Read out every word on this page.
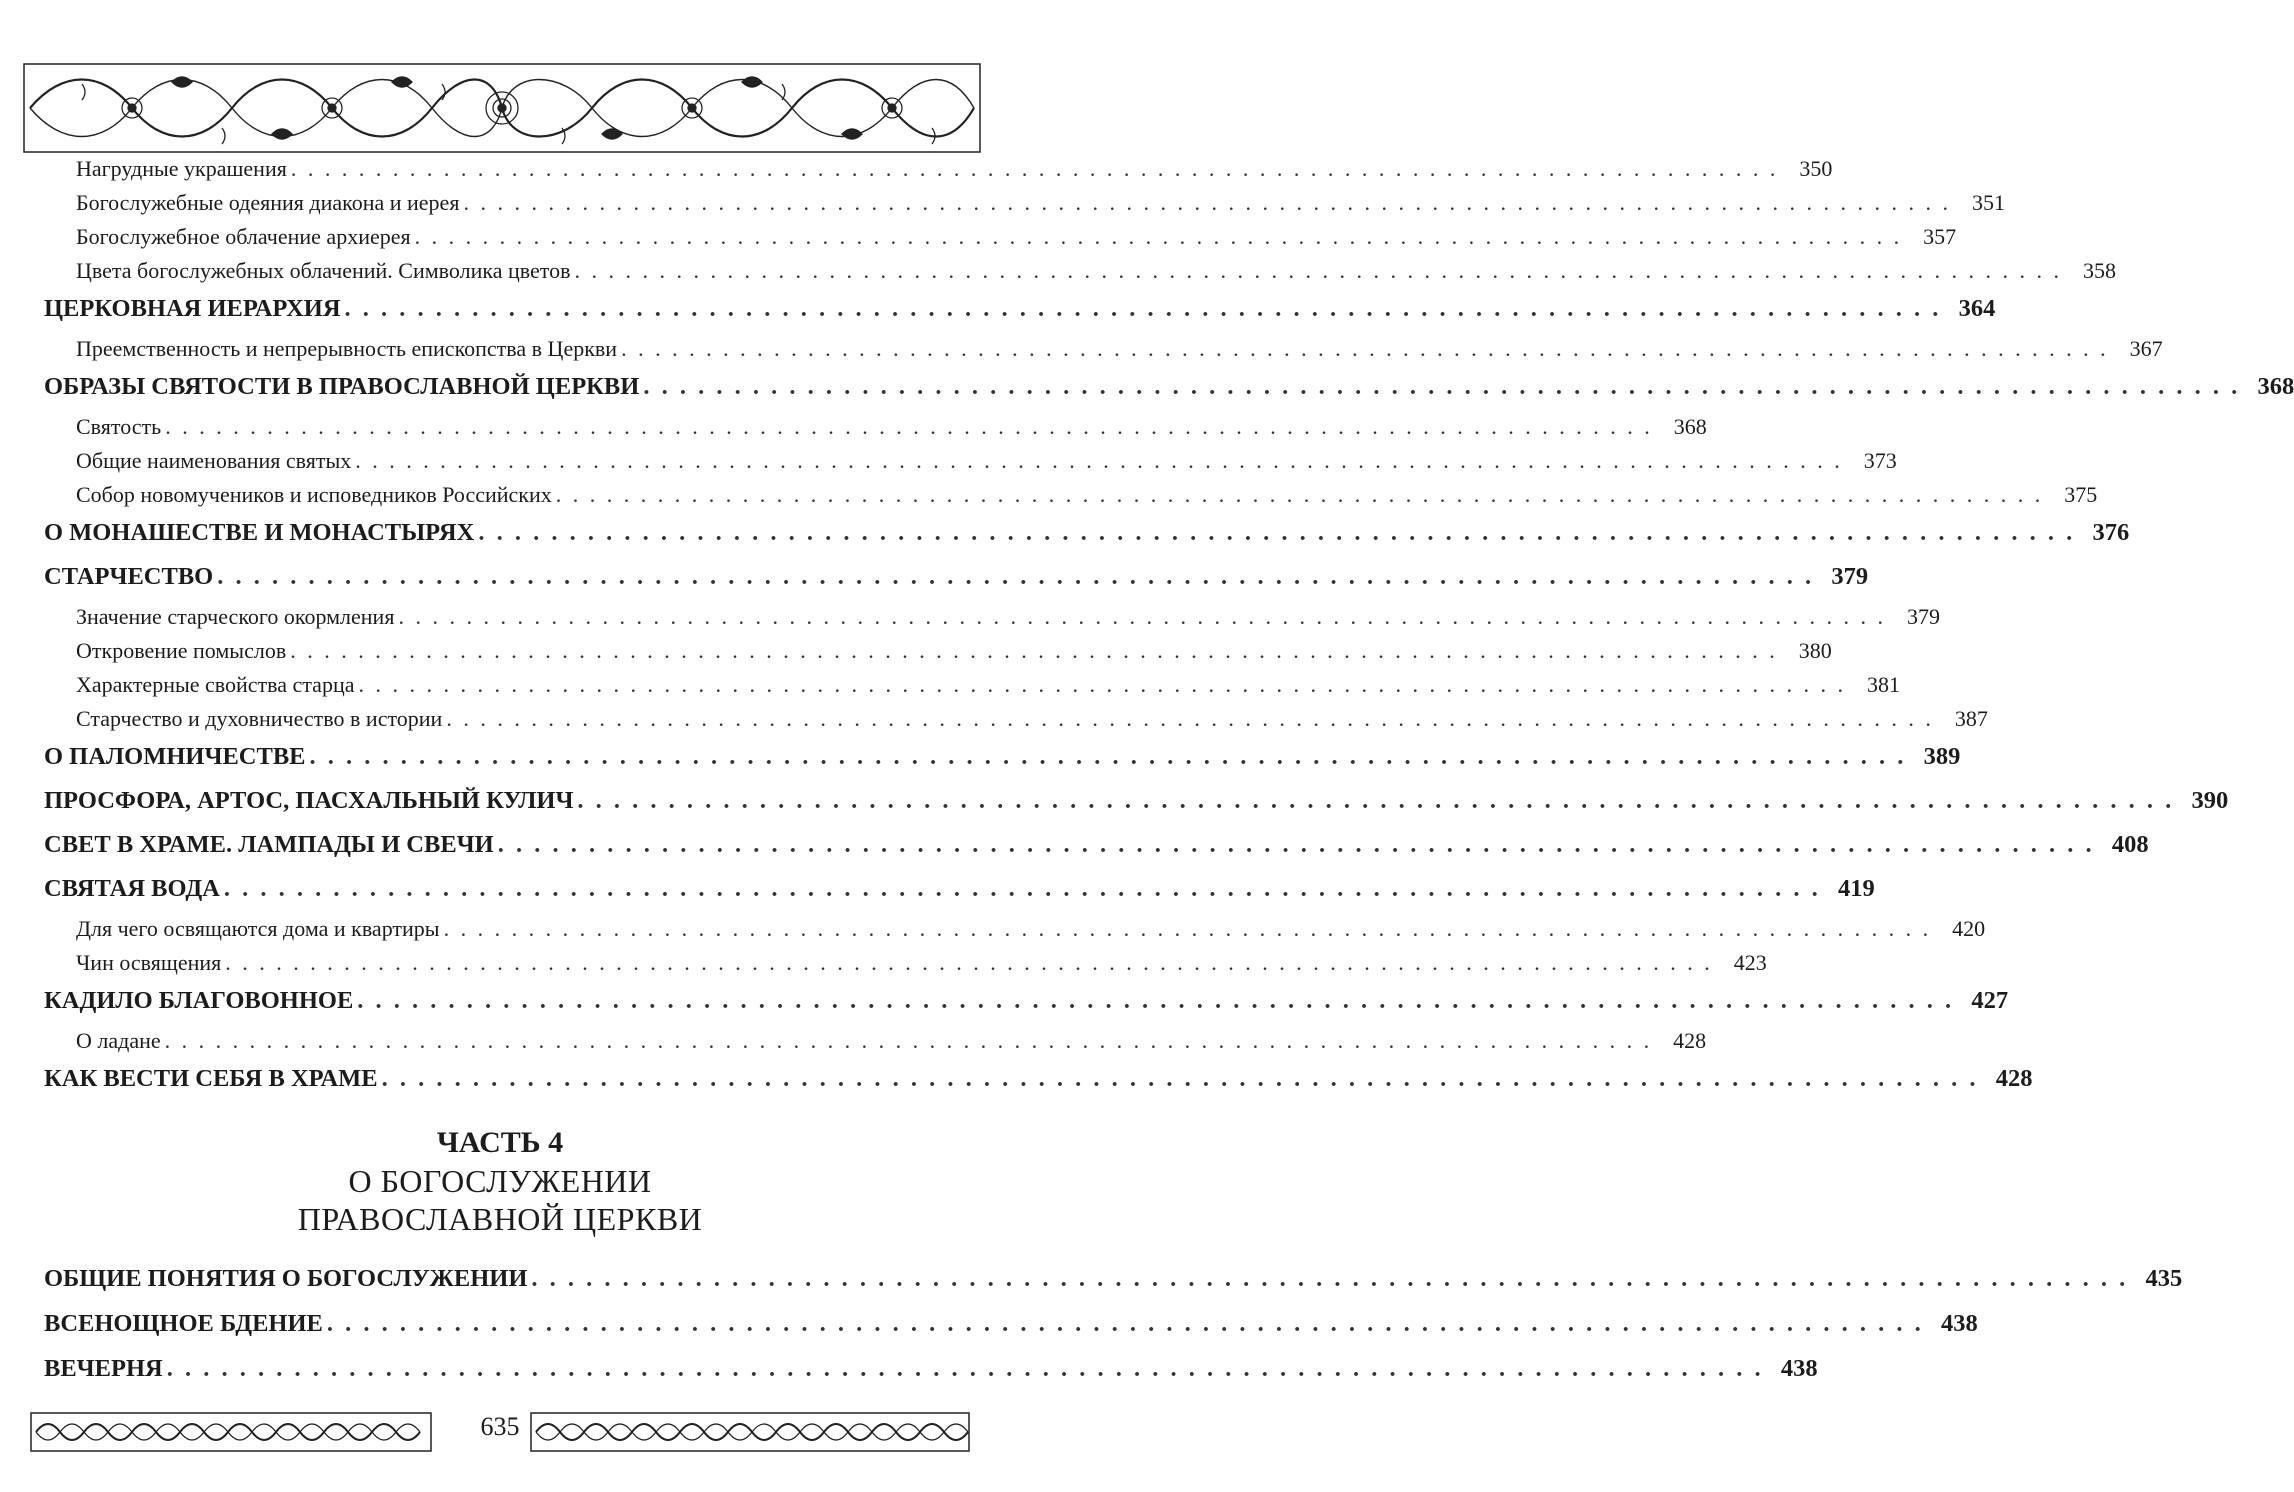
Нагрудные украшения . . .	350
Богослужебные одеяния диакона и иерея . . .	351
Богослужебное облачение архиерея . . .	357
Цвета богослужебных облачений. Символика цветов . . .	358
ЦЕРКОВНАЯ ИЕРАРХИЯ . . .	364
Преемственность и непрерывность епископства в Церкви . . .	367
ОБРАЗЫ СВЯТОСТИ В ПРАВОСЛАВНОЙ ЦЕРКВИ . . .	368
Святость . . .	368
Общие наименования святых . . .	373
Собор новомучеников и исповедников Российских . . .	375
О МОНАШЕСТВЕ И МОНАСТЫРЯХ . . .	376
СТАРЧЕСТВО . . .	379
Значение старческого окормления . . .	379
Откровение помыслов . . .	380
Характерные свойства старца . . .	381
Старчество и духовничество в истории . . .	387
О ПАЛОМНИЧЕСТВЕ . . .	389
ПРОСФОРА, АРТОС, ПАСХАЛЬНЫЙ КУЛИЧ . . .	390
СВЕТ В ХРАМЕ. ЛАМПАДЫ И СВЕЧИ . . .	408
СВЯТАЯ ВОДА . . .	419
Для чего освящаются дома и квартиры . . .	420
Чин освящения . . .	423
КАДИЛО БЛАГОВОННОЕ . . .	427
О ладане . . .	428
КАК ВЕСТИ СЕБЯ В ХРАМЕ . . .	428
ЧАСТЬ 4
О БОГОСЛУЖЕНИИ
ПРАВОСЛАВНОЙ ЦЕРКВИ
ОБЩИЕ ПОНЯТИЯ О БОГОСЛУЖЕНИИ . . .	435
ВСЕНОЩНОЕ БДЕНИЕ . . .	438
ВЕЧЕРНЯ . . .	438
635
